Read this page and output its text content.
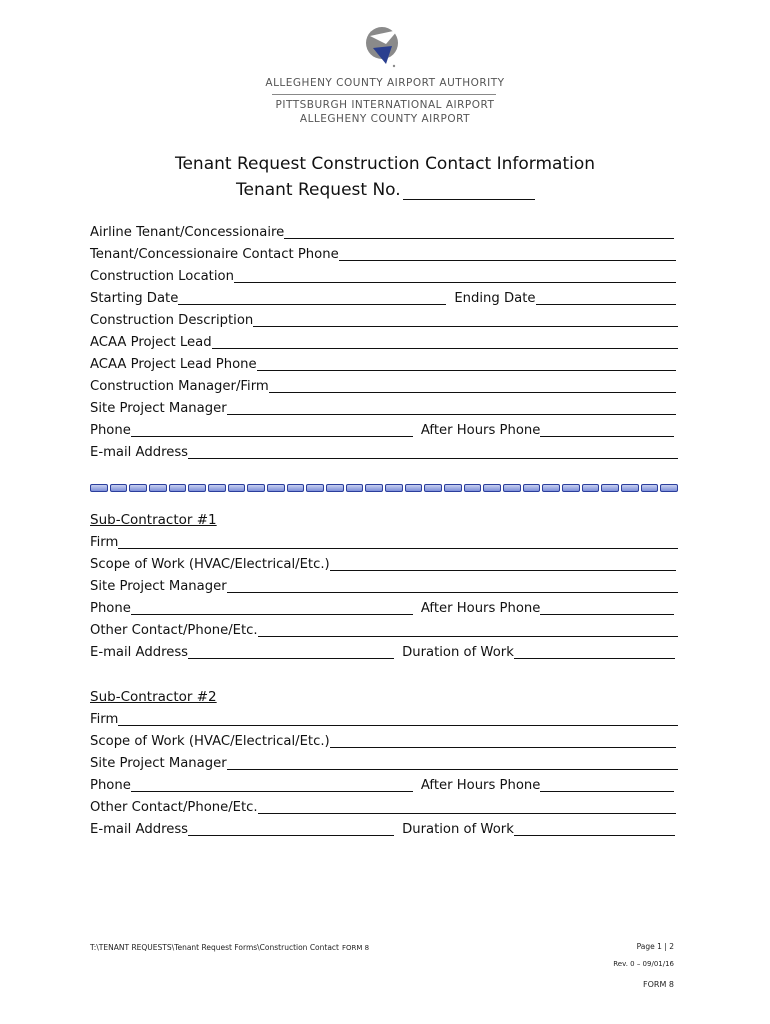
ALLEGHENY COUNTY AIRPORT AUTHORITY
PITTSBURGH INTERNATIONAL AIRPORT
ALLEGHENY COUNTY AIRPORT
Tenant Request Construction Contact Information
Tenant Request No.
Airline Tenant/Concessionaire
Tenant/Concessionaire Contact Phone
Construction Location
Starting Date	Ending Date
Construction Description
ACAA Project Lead
ACAA Project Lead Phone
Construction Manager/Firm
Site Project Manager
Phone	After Hours Phone
E-mail Address
Sub-Contractor #1
Firm
Scope of Work (HVAC/Electrical/Etc.)
Site Project Manager
Phone	After Hours Phone
Other Contact/Phone/Etc.
E-mail Address	Duration of Work
Sub-Contractor #2
Firm
Scope of Work (HVAC/Electrical/Etc.)
Site Project Manager
Phone	After Hours Phone
Other Contact/Phone/Etc.
E-mail Address	Duration of Work
T:\TENANT REQUESTS\Tenant Request Forms\Construction Contact FORM 8	Page 1 | 2
Rev. 0 – 09/01/16
FORM 8
